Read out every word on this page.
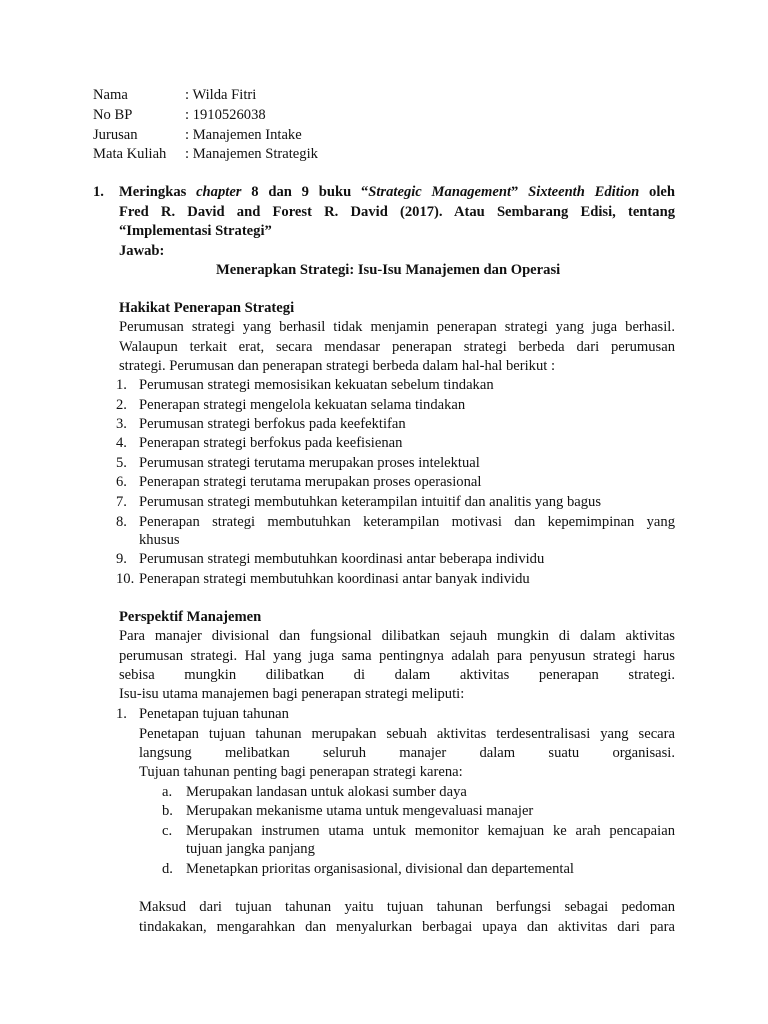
Nama	: Wilda Fitri
No BP	: 1910526038
Jurusan	: Manajemen Intake
Mata Kuliah : Manajemen Strategik
1. Meringkas chapter 8 dan 9 buku “Strategic Management” Sixteenth Edition oleh
Fred R. David and Forest R. David (2017). Atau Sembarang Edisi, tentang
“Implementasi Strategi”
Jawab:
Menerapkan Strategi: Isu-Isu Manajemen dan Operasi
Hakikat Penerapan Strategi
Perumusan strategi yang berhasil tidak menjamin penerapan strategi yang juga berhasil.
Walaupun terkait erat, secara mendasar penerapan strategi berbeda dari perumusan
strategi. Perumusan dan penerapan strategi berbeda dalam hal-hal berikut :
1. Perumusan strategi memosisikan kekuatan sebelum tindakan
2. Penerapan strategi mengelola kekuatan selama tindakan
3. Perumusan strategi berfokus pada keefektifan
4. Penerapan strategi berfokus pada keefisienan
5. Perumusan strategi terutama merupakan proses intelektual
6. Penerapan strategi terutama merupakan proses operasional
7. Perumusan strategi membutuhkan keterampilan intuitif dan analitis yang bagus
8. Penerapan strategi membutuhkan keterampilan motivasi dan kepemimpinan yang
khusus
9. Perumusan strategi membutuhkan koordinasi antar beberapa individu
10. Penerapan strategi membutuhkan koordinasi antar banyak individu
Perspektif Manajemen
Para manajer divisional dan fungsional dilibatkan sejauh mungkin di dalam aktivitas
perumusan strategi. Hal yang juga sama pentingnya adalah para penyusun strategi harus
sebisa mungkin dilibatkan di dalam aktivitas penerapan strategi.
Isu-isu utama manajemen bagi penerapan strategi meliputi:
1. Penetapan tujuan tahunan
Penetapan tujuan tahunan merupakan sebuah aktivitas terdesentralisasi yang secara
langsung melibatkan seluruh manajer dalam suatu organisasi.
Tujuan tahunan penting bagi penerapan strategi karena:
a. Merupakan landasan untuk alokasi sumber daya
b. Merupakan mekanisme utama untuk mengevaluasi manajer
c. Merupakan instrumen utama untuk memonitor kemajuan ke arah pencapaian
tujuan jangka panjang
d. Menetapkan prioritas organisasional, divisional dan departemental
Maksud dari tujuan tahunan yaitu tujuan tahunan berfungsi sebagai pedoman
tindakakan, mengarahkan dan menyalurkan berbagai upaya dan aktivitas dari para
